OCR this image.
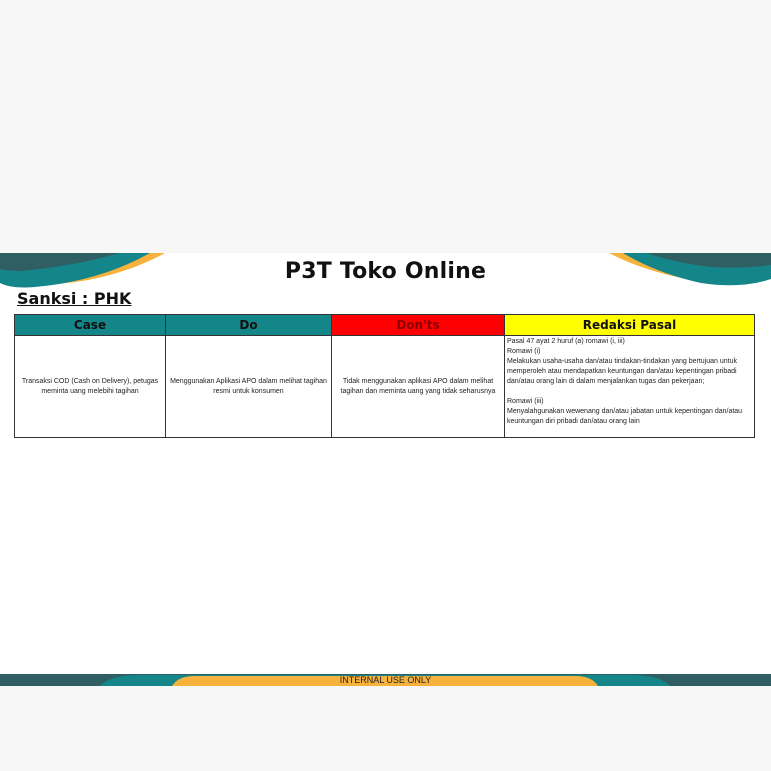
P3T Toko Online
Sanksi : PHK
Case	Do	Don'ts	Redaksi Pasal
Transaksi COD (Cash on Delivery), petugas meminta uang melebihi tagihan	Menggunakan Aplikasi APO dalam melihat tagihan resmi untuk konsumen	Tidak menggunakan aplikasi APO dalam melihat tagihan dan meminta uang yang tidak seharusnya	Pasal 47 ayat 2 huruf (a) romawi (i, iii)
Romawi (i)
Melakukan usaha-usaha dan/atau tindakan-tindakan yang bertujuan untuk memperoleh atau mendapatkan keuntungan dan/atau kepentingan pribadi dan/atau orang lain di dalam menjalankan tugas dan pekerjaan;
Romawi (iii)
Menyalahgunakan wewenang dan/atau jabatan untuk kepentingan dan/atau keuntungan diri pribadi dan/atau orang lain
INTERNAL USE ONLY
